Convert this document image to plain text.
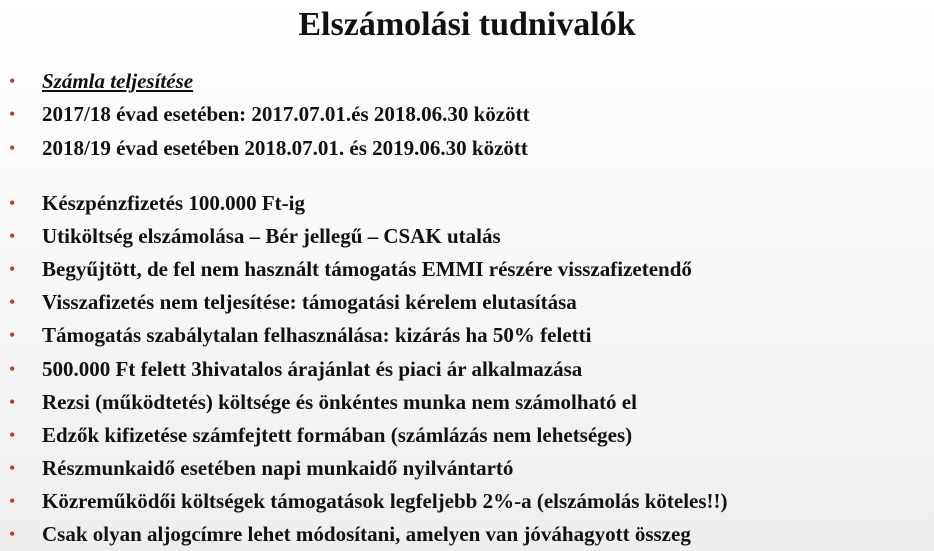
Elszámolási tudnivalók
• Számla teljesítése
• 2017/18 évad esetében: 2017.07.01.és 2018.06.30 között
• 2018/19 évad esetében 2018.07.01. és 2019.06.30 között
• Készpénzfizetés 100.000 Ft-ig
• Utiköltség elszámolása – Bér jellegű – CSAK utalás
• Begyűjtött, de fel nem használt támogatás EMMI részére visszafizetendő
• Visszafizetés nem teljesítése: támogatási kérelem elutasítása
• Támogatás szabálytalan felhasználása: kizárás ha 50% feletti
• 500.000 Ft felett 3hivatalos árajánlat és piaci ár alkalmazása
• Rezsi (működtetés) költsége és önkéntes munka nem számolható el
• Edzők kifizetése számfejtett formában (számlázás nem lehetséges)
• Részmunkaidő esetében napi munkaidő nyilvántartó
• Közreműködői költségek támogatások legfeljebb 2%-a (elszámolás köteles!!)
• Csak olyan aljogcímre lehet módosítani, amelyen van jóváhagyott összeg
